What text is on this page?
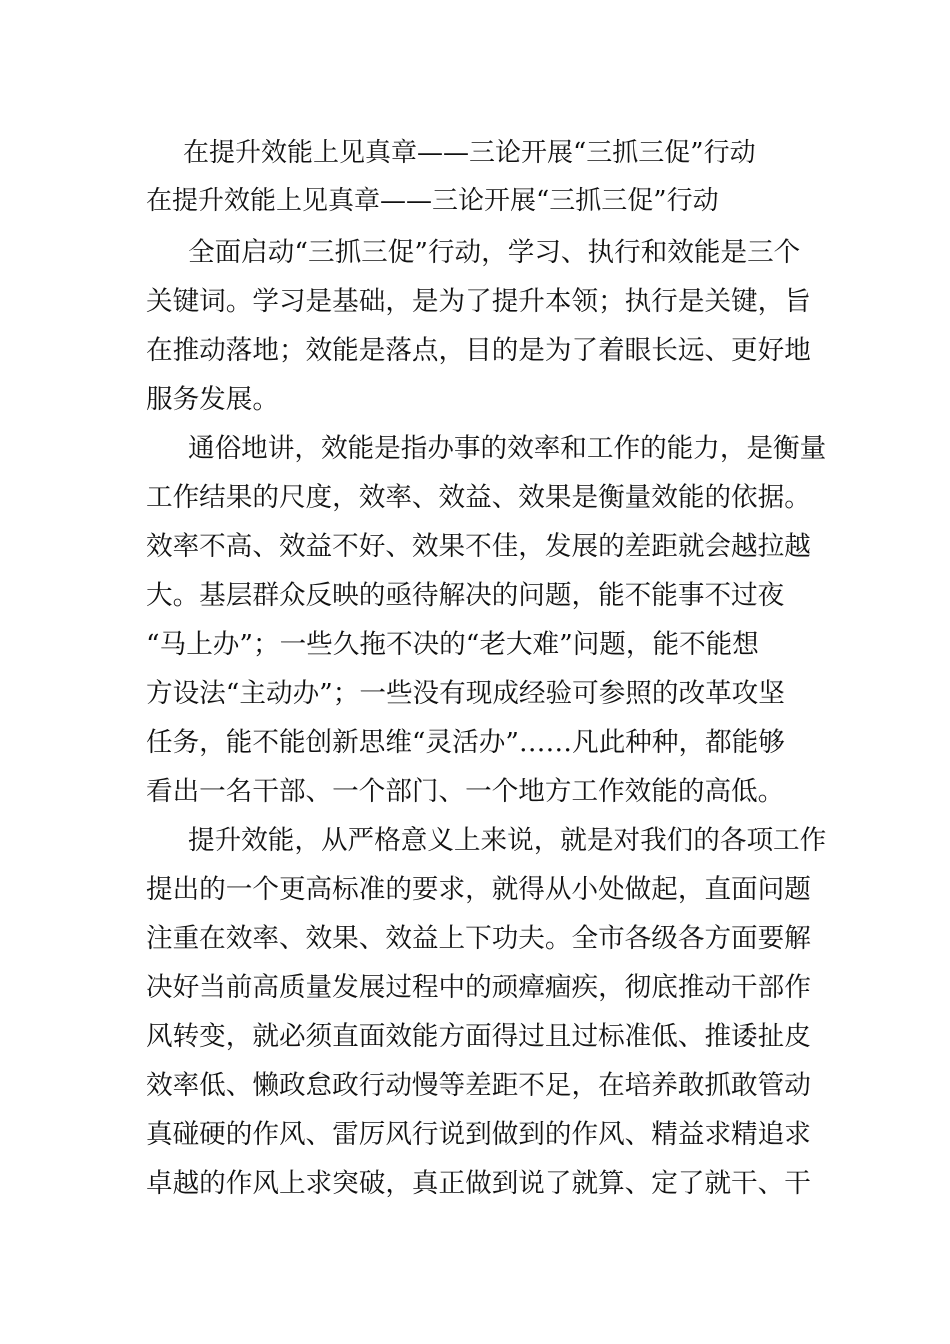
在提升效能上见真章——三论开展“三抓三促”行动
在提升效能上见真章——三论开展“三抓三促”行动
全面启动“三抓三促”行动，学习、执行和效能是三个
关键词。学习是基础，是为了提升本领；执行是关键，旨
在推动落地；效能是落点，目的是为了着眼长远、更好地
服务发展。
通俗地讲，效能是指办事的效率和工作的能力，是衡量
工作结果的尺度，效率、效益、效果是衡量效能的依据。
效率不高、效益不好、效果不佳，发展的差距就会越拉越
大。基层群众反映的亟待解决的问题，能不能事不过夜
“马上办”；一些久拖不决的“老大难”问题，能不能想
方设法“主动办”；一些没有现成经验可参照的改革攻坚
任务，能不能创新思维“灵活办”……凡此种种，都能够
看出一名干部、一个部门、一个地方工作效能的高低。
提升效能，从严格意义上来说，就是对我们的各项工作
提出的一个更高标准的要求，就得从小处做起，直面问题
注重在效率、效果、效益上下功夫。全市各级各方面要解
决好当前高质量发展过程中的顽瘴痼疾，彻底推动干部作
风转变，就必须直面效能方面得过且过标准低、推诿扯皮
效率低、懒政怠政行动慢等差距不足，在培养敢抓敢管动
真碰硬的作风、雷厉风行说到做到的作风、精益求精追求
卓越的作风上求突破，真正做到说了就算、定了就干、干
